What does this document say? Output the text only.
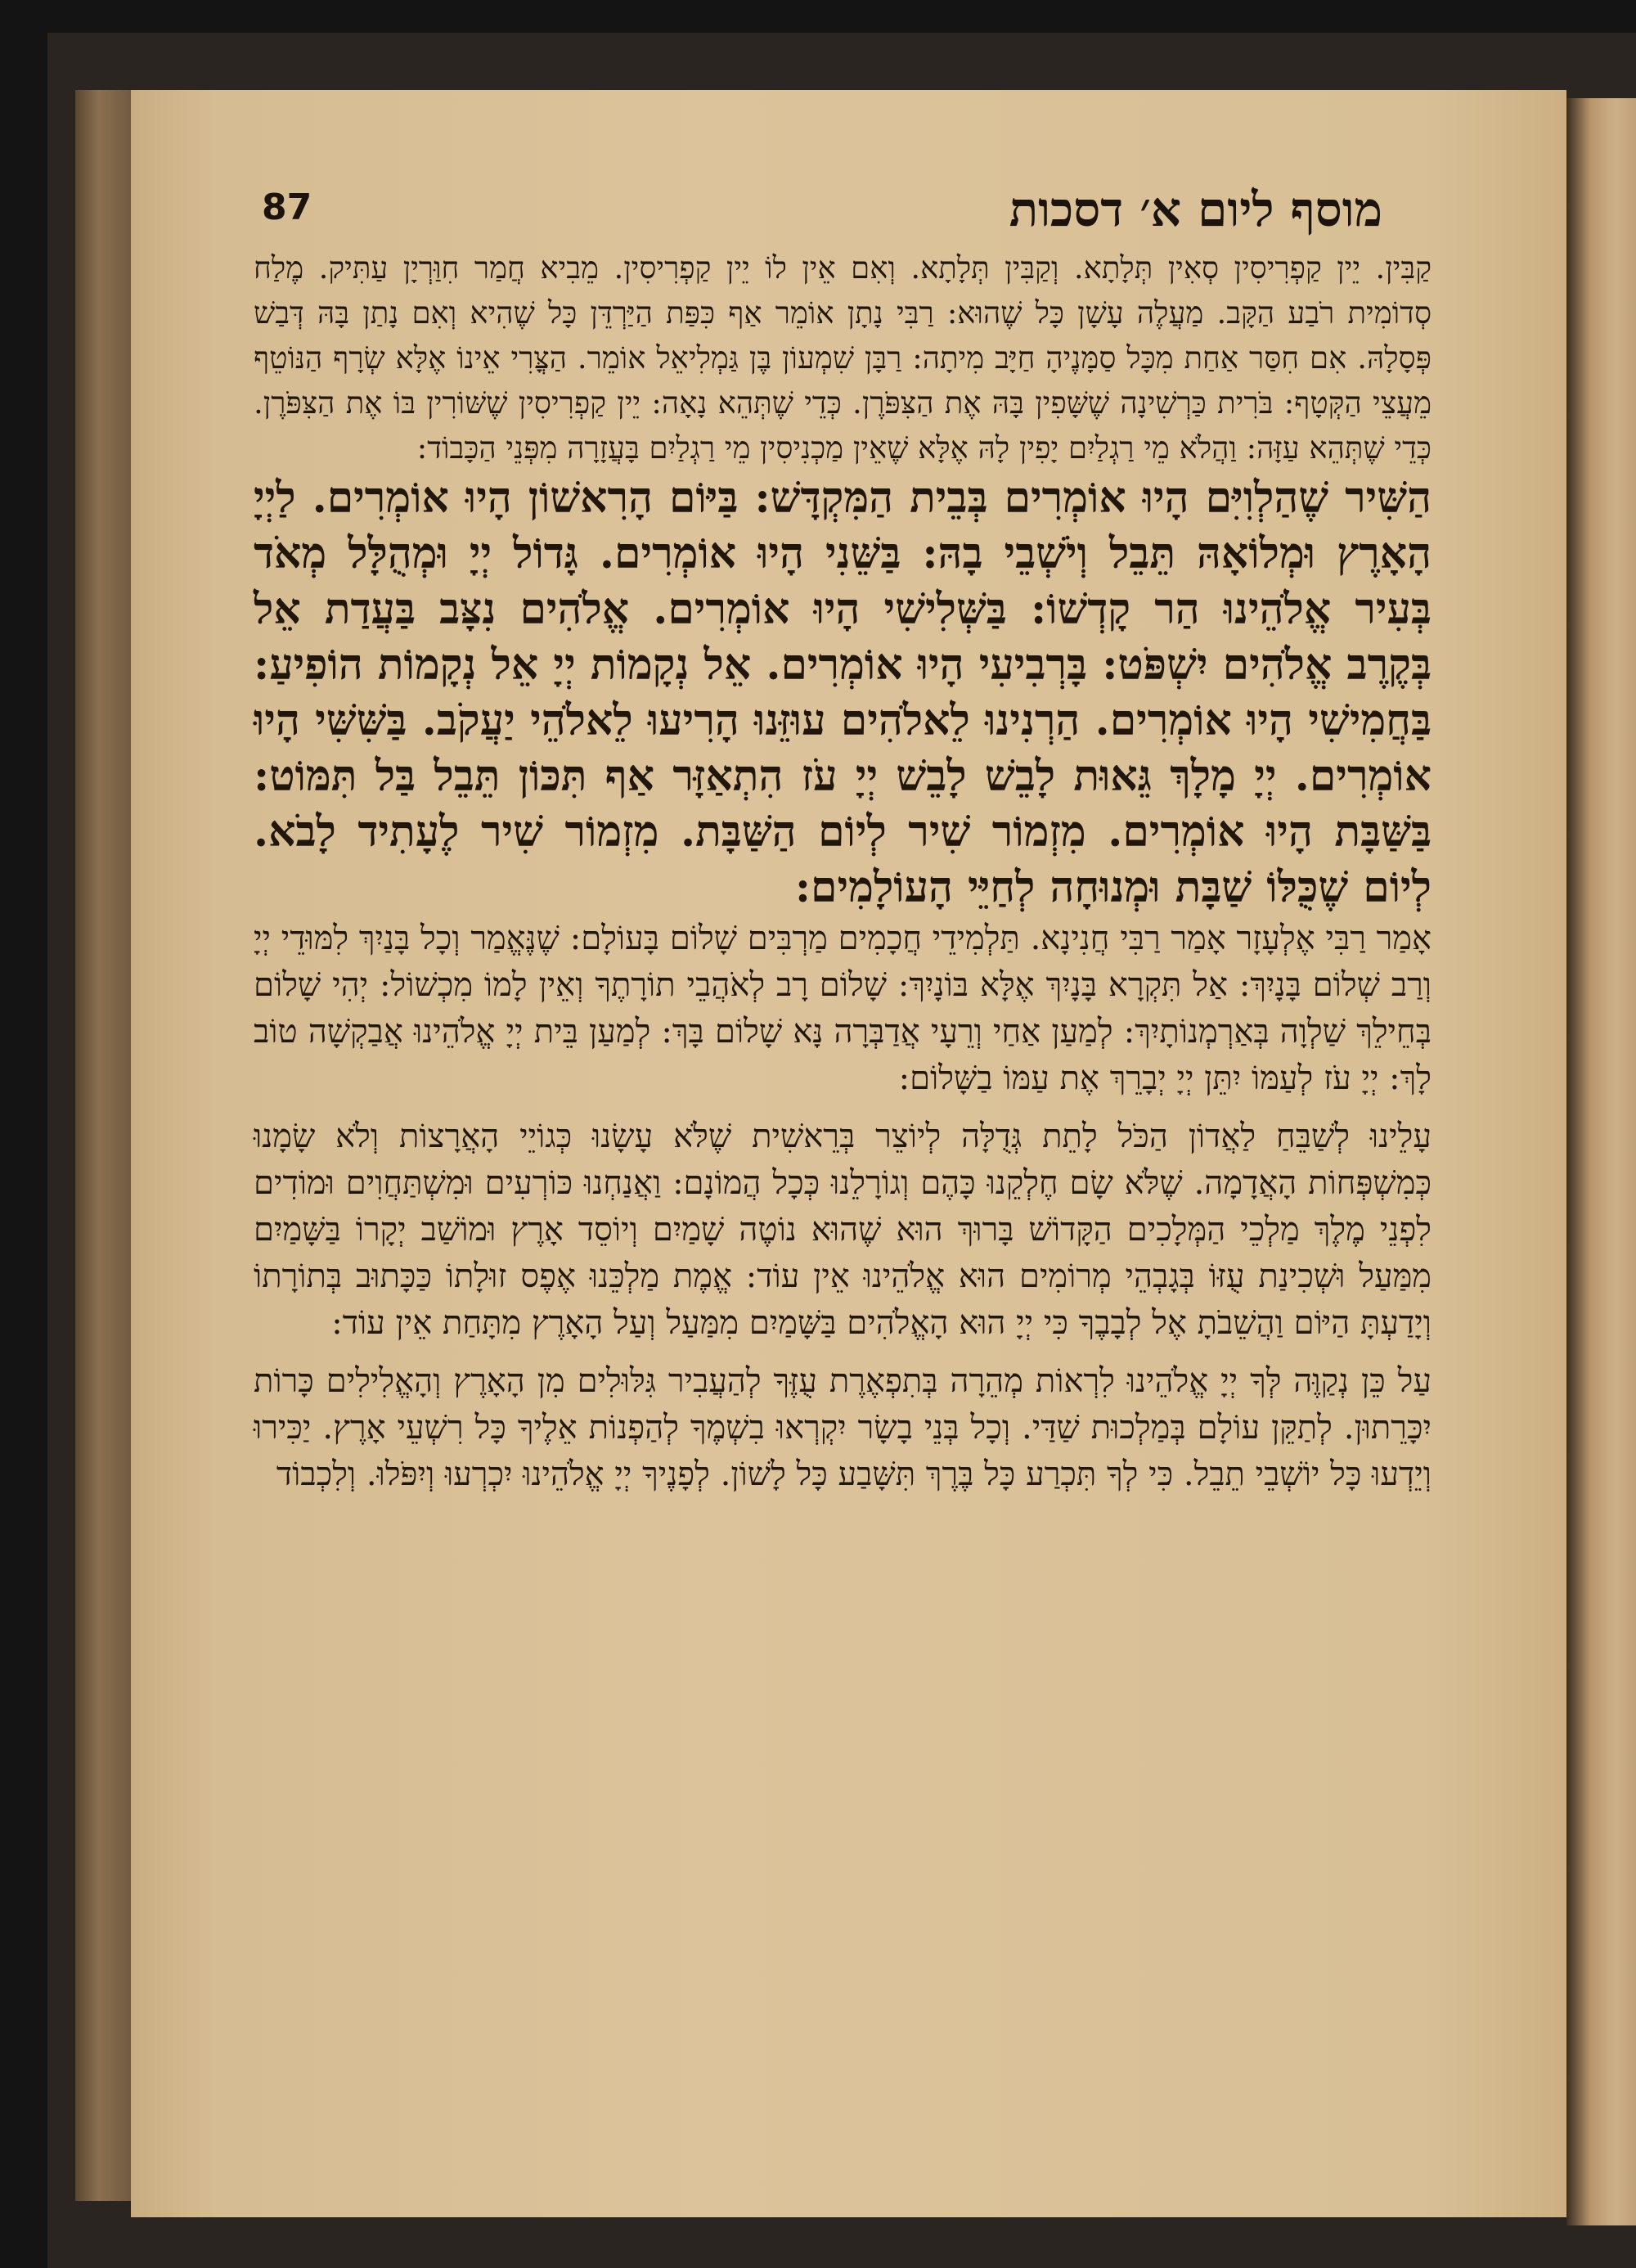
87	מוסף ליום א׳ דסכות

קַבִּין. יֵין קַפְרִיסִין סְאִין תְּלָתָא. וְקַבִּין תְּלָתָא. וְאִם אֵין לוֹ יֵין קַפְרִיסִין. מֵבִיא חֲמַר חִוַּרְיָן עַתִּיק. מֶלַח סְדוֹמִית רֹבַע הַקָּב. מַעֲלֶה עָשָׁן כָּל שֶׁהוּא: רַבִּי נָתָן אוֹמֵר אַף כִּפַּת הַיַּרְדֵּן כָּל שֶׁהִיא וְאִם נָתַן בָּהּ דְּבַשׁ פְּסָלָהּ. אִם חִסַּר אַחַת מִכָּל סַמָּנֶיהָ חַיָּב מִיתָה: רַבָּן שִׁמְעוֹן בֶּן גַּמְלִיאֵל אוֹמֵר. הַצֳּרִי אֵינוֹ אֶלָּא שְׂרָף הַנּוֹטֵף מֵעֲצֵי הַקְּטָף: בֹּרִית כַּרְשִׁינָה שֶׁשָּׁפִין בָּהּ אֶת הַצִּפֹּרֶן. כְּדֵי שֶׁתְּהֵא נָאָה: יֵין קַפְרִיסִין שֶׁשּׁוֹרִין בּוֹ אֶת הַצִּפֹּרֶן. כְּדֵי שֶׁתְּהֵא עַזָּה: וַהֲלֹא מֵי רַגְלַיִם יָפִין לָהּ אֶלָּא שֶׁאֵין מַכְנִיסִין מֵי רַגְלַיִם בָּעֲזָרָה מִפְּנֵי הַכָּבוֹד:

הַשִּׁיר שֶׁהַלְוִיִּם הָיוּ אוֹמְרִים בְּבֵית הַמִּקְדָּשׁ: בַּיּוֹם הָרִאשׁוֹן הָיוּ אוֹמְרִים. לַיְיָ הָאָרֶץ וּמְלוֹאָהּ תֵּבֵל וְיֹשְׁבֵי בָהּ: בַּשֵּׁנִי הָיוּ אוֹמְרִים. גָּדוֹל יְיָ וּמְהֻלָּל מְאֹד בְּעִיר אֱלֹהֵינוּ הַר קָדְשׁוֹ: בַּשְּׁלִישִׁי הָיוּ אוֹמְרִים. אֱלֹהִים נִצָּב בַּעֲדַת אֵל בְּקֶרֶב אֱלֹהִים יִשְׁפֹּט: בָּרְבִיעִי הָיוּ אוֹמְרִים. אֵל נְקָמוֹת יְיָ אֵל נְקָמוֹת הוֹפִיעַ: בַּחֲמִישִׁי הָיוּ אוֹמְרִים. הַרְנִינוּ לֵאלֹהִים עוּזֵּנוּ הָרִיעוּ לֵאלֹהֵי יַעֲקֹב. בַּשִּׁשִּׁי הָיוּ אוֹמְרִים. יְיָ מָלָךְ גֵּאוּת לָבֵשׁ לָבֵשׁ יְיָ עֹז הִתְאַזָּר אַף תִּכּוֹן תֵּבֵל בַּל תִּמּוֹט: בַּשַּׁבָּת הָיוּ אוֹמְרִים. מִזְמוֹר שִׁיר לְיוֹם הַשַּׁבָּת. מִזְמוֹר שִׁיר לֶעָתִיד לָבֹא. לְיוֹם שֶׁכֻּלּוֹ שַׁבָּת וּמְנוּחָה לְחַיֵּי הָעוֹלָמִים:

אָמַר רַבִּי אֶלְעָזָר אָמַר רַבִּי חֲנִינָא. תַּלְמִידֵי חֲכָמִים מַרְבִּים שָׁלוֹם בָּעוֹלָם: שֶׁנֶּאֱמַר וְכָל בָּנַיִךְ לִמּוּדֵי יְיָ וְרַב שְׁלוֹם בָּנָיִךְ: אַל תִּקְרָא בָּנָיִךְ אֶלָּא בּוֹנָיִךְ: שָׁלוֹם רָב לְאֹהֲבֵי תוֹרָתֶךָ וְאֵין לָמוֹ מִכְשׁוֹל: יְהִי שָׁלוֹם בְּחֵילֵךְ שַׁלְוָה בְּאַרְמְנוֹתָיִךְ: לְמַעַן אַחַי וְרֵעָי אֲדַבְּרָה נָּא שָׁלוֹם בָּךְ: לְמַעַן בֵּית יְיָ אֱלֹהֵינוּ אֲבַקְשָׁה טוֹב לָךְ: יְיָ עֹז לְעַמּוֹ יִתֵּן יְיָ יְבָרֵךְ אֶת עַמּוֹ בַשָּׁלוֹם:

עָלֵינוּ לְשַׁבֵּחַ לַאֲדוֹן הַכֹּל לָתֵת גְּדֻלָּה לְיוֹצֵר בְּרֵאשִׁית שֶׁלֹּא עָשָׂנוּ כְּגוֹיֵי הָאֲרָצוֹת וְלֹא שָׂמָנוּ כְּמִשְׁפְּחוֹת הָאֲדָמָה. שֶׁלֹּא שָׂם חֶלְקֵנוּ כָּהֶם וְגוֹרָלֵנוּ כְּכָל הֲמוֹנָם: וַאֲנַחְנוּ כּוֹרְעִים וּמִשְׁתַּחֲוִים וּמוֹדִים לִפְנֵי מֶלֶךְ מַלְכֵי הַמְּלָכִים הַקָּדוֹשׁ בָּרוּךְ הוּא שֶׁהוּא נוֹטֶה שָׁמַיִם וְיוֹסֵד אָרֶץ וּמוֹשַׁב יְקָרוֹ בַּשָּׁמַיִם מִמַּעַל וּשְׁכִינַת עֻזּוֹ בְּגָבְהֵי מְרוֹמִים הוּא אֱלֹהֵינוּ אֵין עוֹד: אֱמֶת מַלְכֵּנוּ אֶפֶס זוּלָתוֹ כַּכָּתוּב בְּתוֹרָתוֹ וְיָדַעְתָּ הַיּוֹם וַהֲשֵׁבֹתָ אֶל לְבָבֶךָ כִּי יְיָ הוּא הָאֱלֹהִים בַּשָּׁמַיִם מִמַּעַל וְעַל הָאָרֶץ מִתָּחַת אֵין עוֹד:

עַל כֵּן נְקַוֶּה לְּךָ יְיָ אֱלֹהֵינוּ לִרְאוֹת מְהֵרָה בְּתִפְאֶרֶת עֻזֶּךָ לְהַעֲבִיר גִּלּוּלִים מִן הָאָרֶץ וְהָאֱלִילִים כָּרוֹת יִכָּרֵתוּן. לְתַקֵּן עוֹלָם בְּמַלְכוּת שַׁדַּי. וְכָל בְּנֵי בָשָׂר יִקְרְאוּ בִשְׁמֶךָ לְהַפְנוֹת אֵלֶיךָ כָּל רִשְׁעֵי אָרֶץ. יַכִּירוּ וְיֵדְעוּ כָּל יוֹשְׁבֵי תֵבֵל. כִּי לְךָ תִּכְרַע כָּל בֶּרֶךְ תִּשָּׁבַע כָּל לָשׁוֹן. לְפָנֶיךָ יְיָ אֱלֹהֵינוּ יִכְרְעוּ וְיִפֹּלוּ. וְלִכְבוֹד
